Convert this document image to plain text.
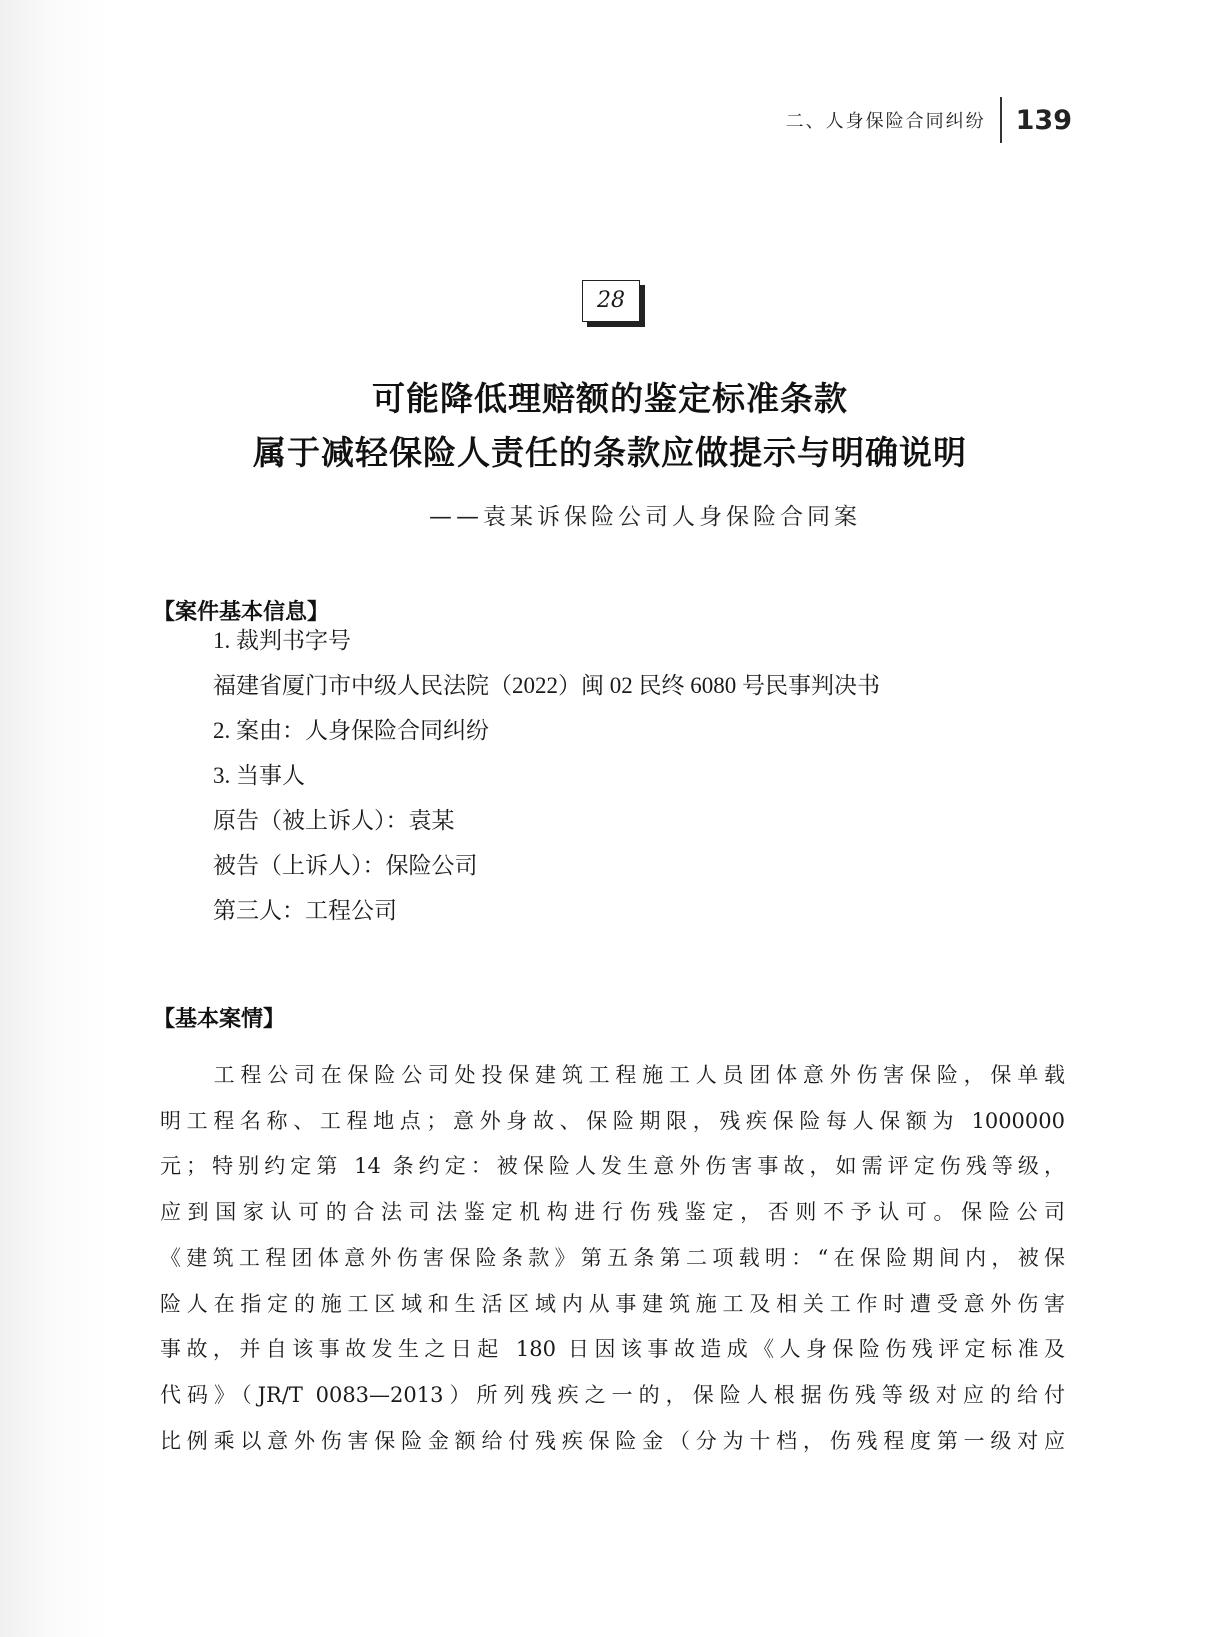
二、人身保险合同纠纷	139
28
可能降低理赔额的鉴定标准条款
属于减轻保险人责任的条款应做提示与明确说明
——袁某诉保险公司人身保险合同案
【案件基本信息】
1. 裁判书字号
福建省厦门市中级人民法院（2022）闽 02 民终 6080 号民事判决书
2. 案由：人身保险合同纠纷
3. 当事人
原告（被上诉人）：袁某
被告（上诉人）：保险公司
第三人：工程公司
【基本案情】
　　工程公司在保险公司处投保建筑工程施工人员团体意外伤害保险，保单载
明工程名称、工程地点；意外身故、保险期限，残疾保险每人保额为 1000000
元；特别约定第 14 条约定：被保险人发生意外伤害事故，如需评定伤残等级，
应到国家认可的合法司法鉴定机构进行伤残鉴定，否则不予认可。保险公司
《建筑工程团体意外伤害保险条款》第五条第二项载明：“在保险期间内，被保
险人在指定的施工区域和生活区域内从事建筑施工及相关工作时遭受意外伤害
事故，并自该事故发生之日起 180 日因该事故造成《人身保险伤残评定标准及
代码》（JR/T 0083—2013）所列残疾之一的，保险人根据伤残等级对应的给付
比例乘以意外伤害保险金额给付残疾保险金（分为十档，伤残程度第一级对应
